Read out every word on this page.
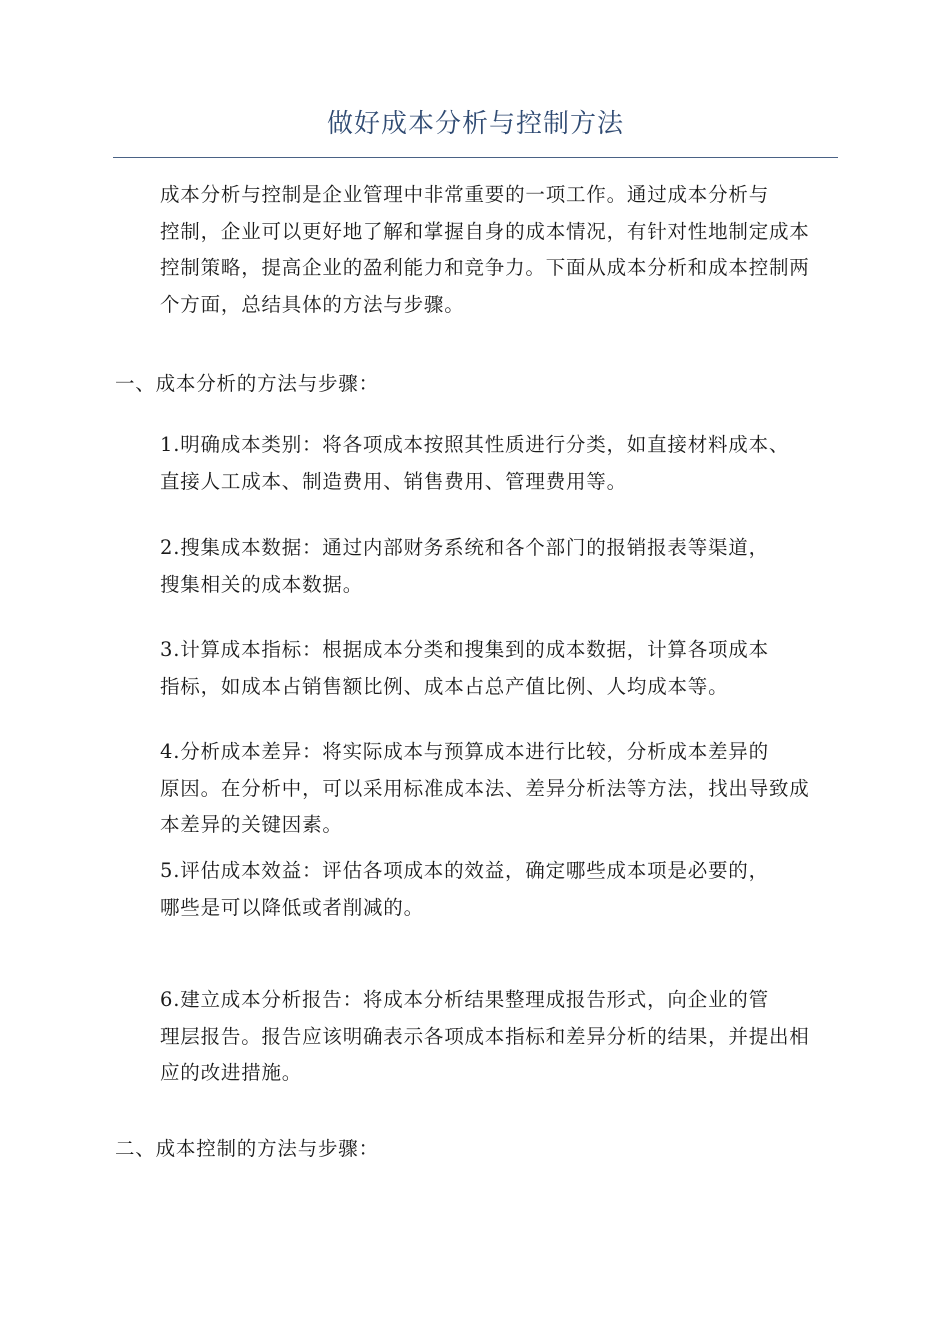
做好成本分析与控制方法

成本分析与控制是企业管理中非常重要的一项工作。通过成本分析与
控制，企业可以更好地了解和掌握自身的成本情况，有针对性地制定成本
控制策略，提高企业的盈利能力和竞争力。下面从成本分析和成本控制两
个方面，总结具体的方法与步骤。

一、成本分析的方法与步骤：

1.明确成本类别：将各项成本按照其性质进行分类，如直接材料成本、
直接人工成本、制造费用、销售费用、管理费用等。

2.搜集成本数据：通过内部财务系统和各个部门的报销报表等渠道，
搜集相关的成本数据。

3.计算成本指标：根据成本分类和搜集到的成本数据，计算各项成本
指标，如成本占销售额比例、成本占总产值比例、人均成本等。

4.分析成本差异：将实际成本与预算成本进行比较，分析成本差异的
原因。在分析中，可以采用标准成本法、差异分析法等方法，找出导致成
本差异的关键因素。

5.评估成本效益：评估各项成本的效益，确定哪些成本项是必要的，
哪些是可以降低或者削减的。

6.建立成本分析报告：将成本分析结果整理成报告形式，向企业的管
理层报告。报告应该明确表示各项成本指标和差异分析的结果，并提出相
应的改进措施。

二、成本控制的方法与步骤：
